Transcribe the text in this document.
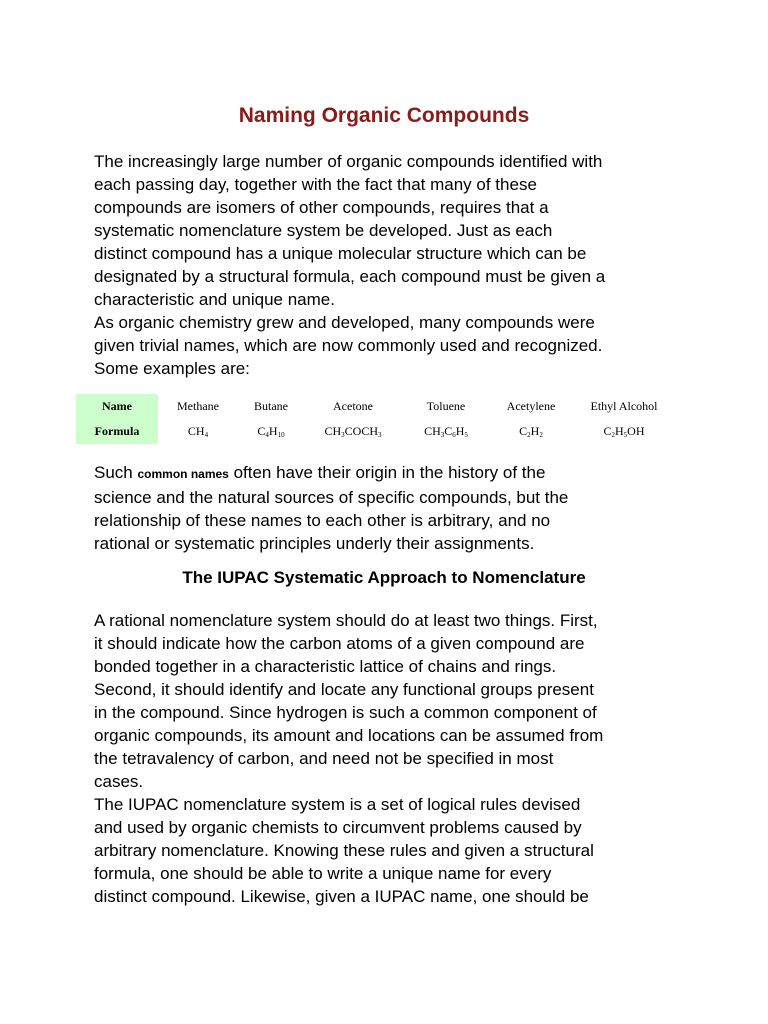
Naming Organic Compounds

The increasingly large number of organic compounds identified with
each passing day, together with the fact that many of these
compounds are isomers of other compounds, requires that a
systematic nomenclature system be developed. Just as each
distinct compound has a unique molecular structure which can be
designated by a structural formula, each compound must be given a
characteristic and unique name.

As organic chemistry grew and developed, many compounds were
given trivial names, which are now commonly used and recognized.
Some examples are:

Name	Methane	Butane	Acetone	Toluene	Acetylene	Ethyl Alcohol
Formula	$CH_4$	$C_4H_{10}$	$CH_3COCH_3$	$CH_3C_6H_5$	$C_2H_2$	$C_2H_5OH$

Such common names often have their origin in the history of the
science and the natural sources of specific compounds, but the
relationship of these names to each other is arbitrary, and no
rational or systematic principles underly their assignments.

The IUPAC Systematic Approach to Nomenclature

A rational nomenclature system should do at least two things. First,
it should indicate how the carbon atoms of a given compound are
bonded together in a characteristic lattice of chains and rings.
Second, it should identify and locate any functional groups present
in the compound. Since hydrogen is such a common component of
organic compounds, its amount and locations can be assumed from
the tetravalency of carbon, and need not be specified in most
cases.

The IUPAC nomenclature system is a set of logical rules devised
and used by organic chemists to circumvent problems caused by
arbitrary nomenclature. Knowing these rules and given a structural
formula, one should be able to write a unique name for every
distinct compound. Likewise, given a IUPAC name, one should be
